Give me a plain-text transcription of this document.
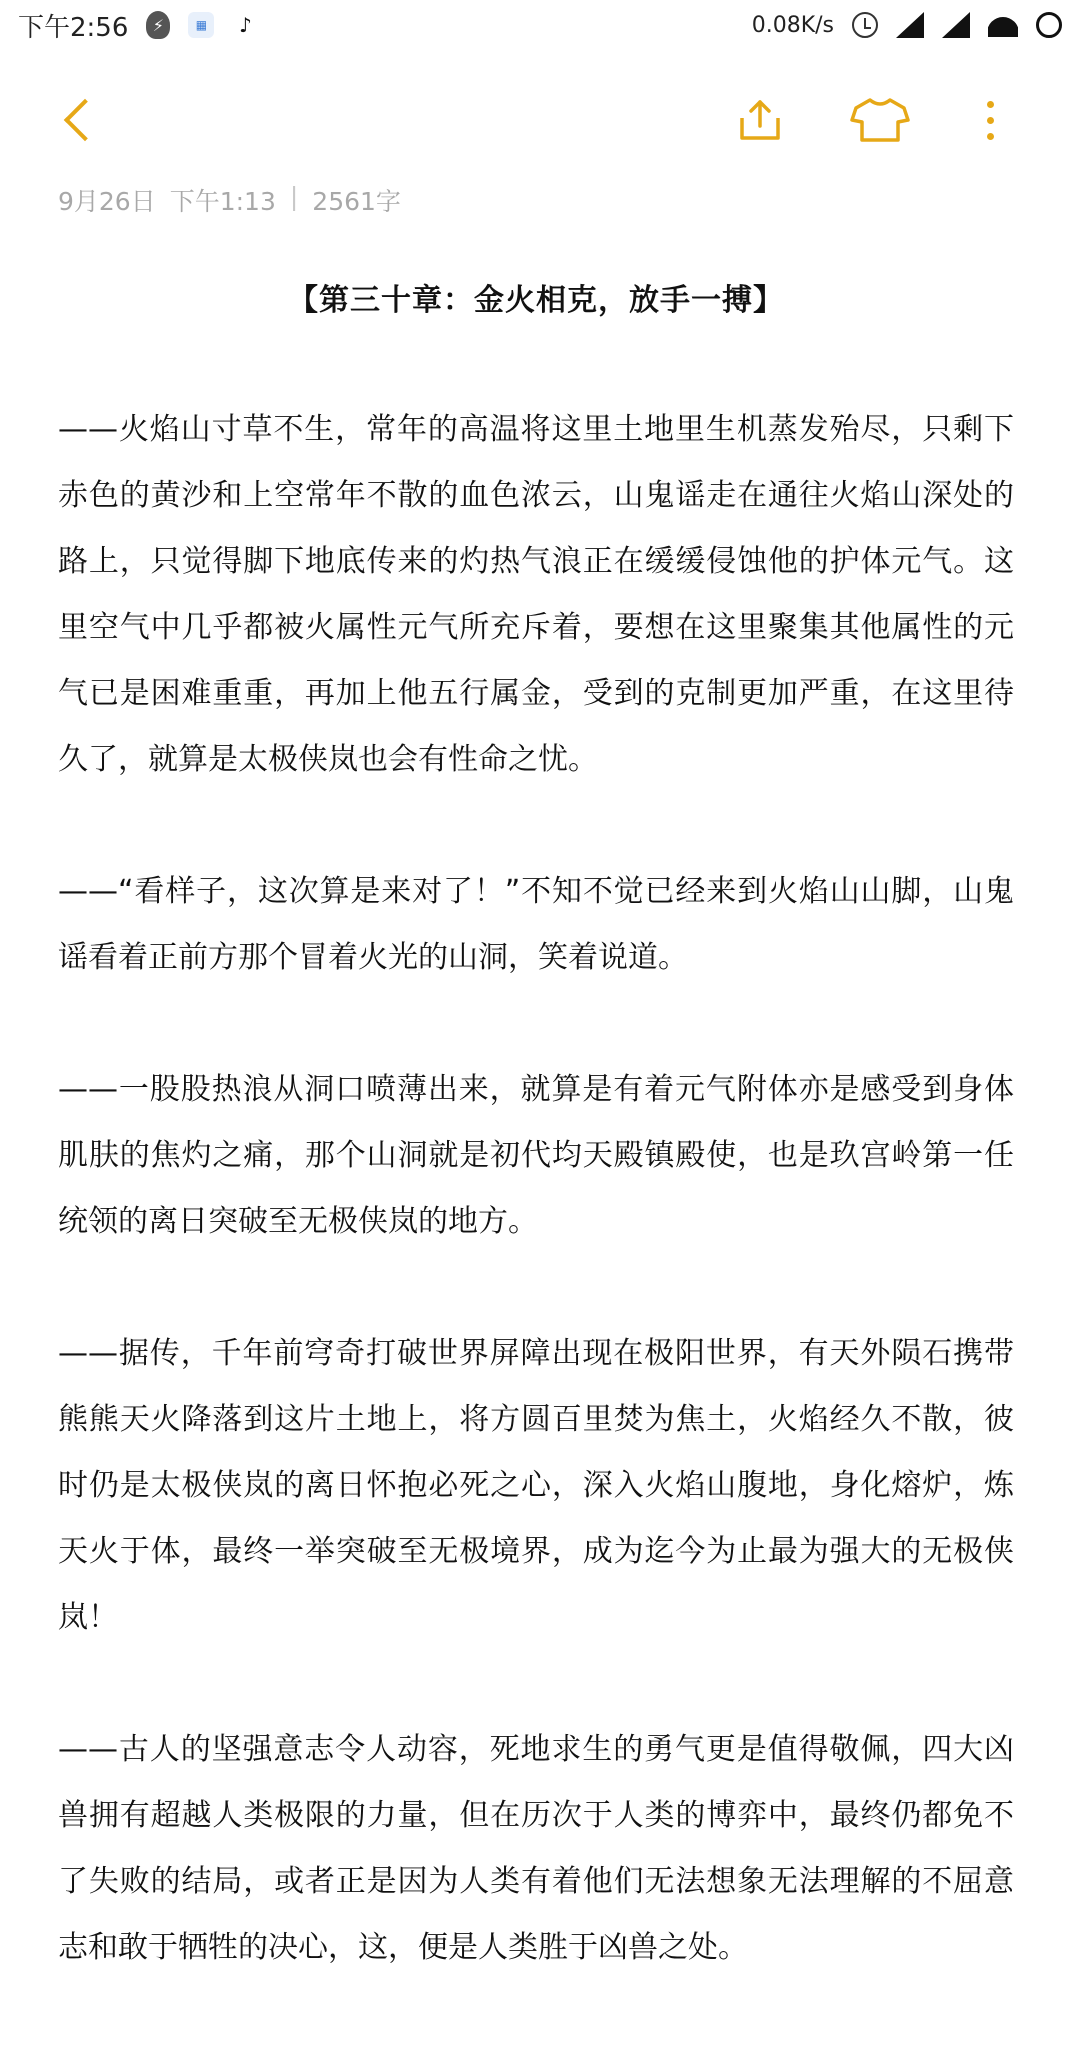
下午2:56	⚡	▦	♪	0.08K/s
9月26日 下午1:13 | 2561字
【第三十章：金火相克，放手一搏】

——火焰山寸草不生，常年的高温将这里土地里生机蒸发殆尽，只剩下赤色的黄沙和上空常年不散的血色浓云，山鬼谣走在通往火焰山深处的路上，只觉得脚下地底传来的灼热气浪正在缓缓侵蚀他的护体元气。这里空气中几乎都被火属性元气所充斥着，要想在这里聚集其他属性的元气已是困难重重，再加上他五行属金，受到的克制更加严重，在这里待久了，就算是太极侠岚也会有性命之忧。

——“看样子，这次算是来对了！”不知不觉已经来到火焰山山脚，山鬼谣看着正前方那个冒着火光的山洞，笑着说道。

——一股股热浪从洞口喷薄出来，就算是有着元气附体亦是感受到身体肌肤的焦灼之痛，那个山洞就是初代均天殿镇殿使，也是玖宫岭第一任统领的离日突破至无极侠岚的地方。

——据传，千年前穹奇打破世界屏障出现在极阳世界，有天外陨石携带熊熊天火降落到这片土地上，将方圆百里焚为焦土，火焰经久不散，彼时仍是太极侠岚的离日怀抱必死之心，深入火焰山腹地，身化熔炉，炼天火于体，最终一举突破至无极境界，成为迄今为止最为强大的无极侠岚！

——古人的坚强意志令人动容，死地求生的勇气更是值得敬佩，四大凶兽拥有超越人类极限的力量，但在历次于人类的博弈中，最终仍都免不了失败的结局，或者正是因为人类有着他们无法想象无法理解的不屈意志和敢于牺牲的决心，这，便是人类胜于凶兽之处。
